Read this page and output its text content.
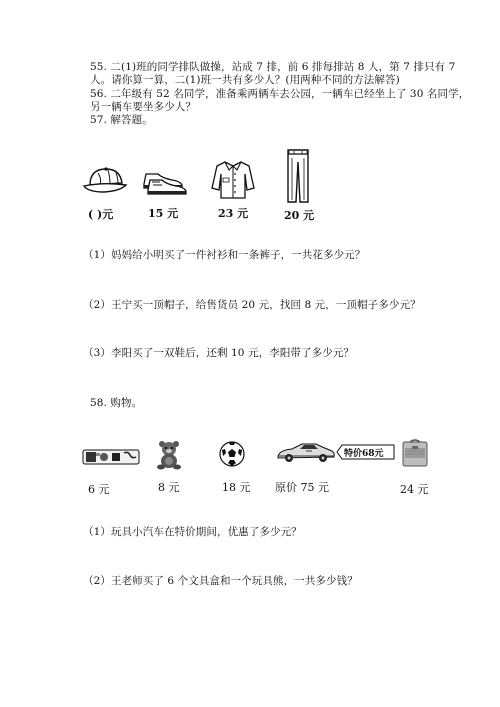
55. 二(1)班的同学排队做操，站成 7 排，前 6 排每排站 8 人，第 7 排只有 7
人。请你算一算，二(1)班一共有多少人？(用两种不同的方法解答)
56. 二年级有 52 名同学，准备乘两辆车去公园，一辆车已经坐上了 30 名同学，
另一辆车要坐多少人？
57. 解答题。
( )元	15 元	23 元	20 元
（1）妈妈给小明买了一件衬衫和一条裤子，一共花多少元？
（2）王宁买一顶帽子，给售货员 20 元，找回 8 元，一顶帽子多少元？
（3）李阳买了一双鞋后，还剩 10 元，李阳带了多少元？
58. 购物。
特价68元
6 元	8 元	18 元 原价 75 元	24 元
（1）玩具小汽车在特价期间，优惠了多少元？
（2）王老师买了 6 个文具盒和一个玩具熊，一共多少钱？
